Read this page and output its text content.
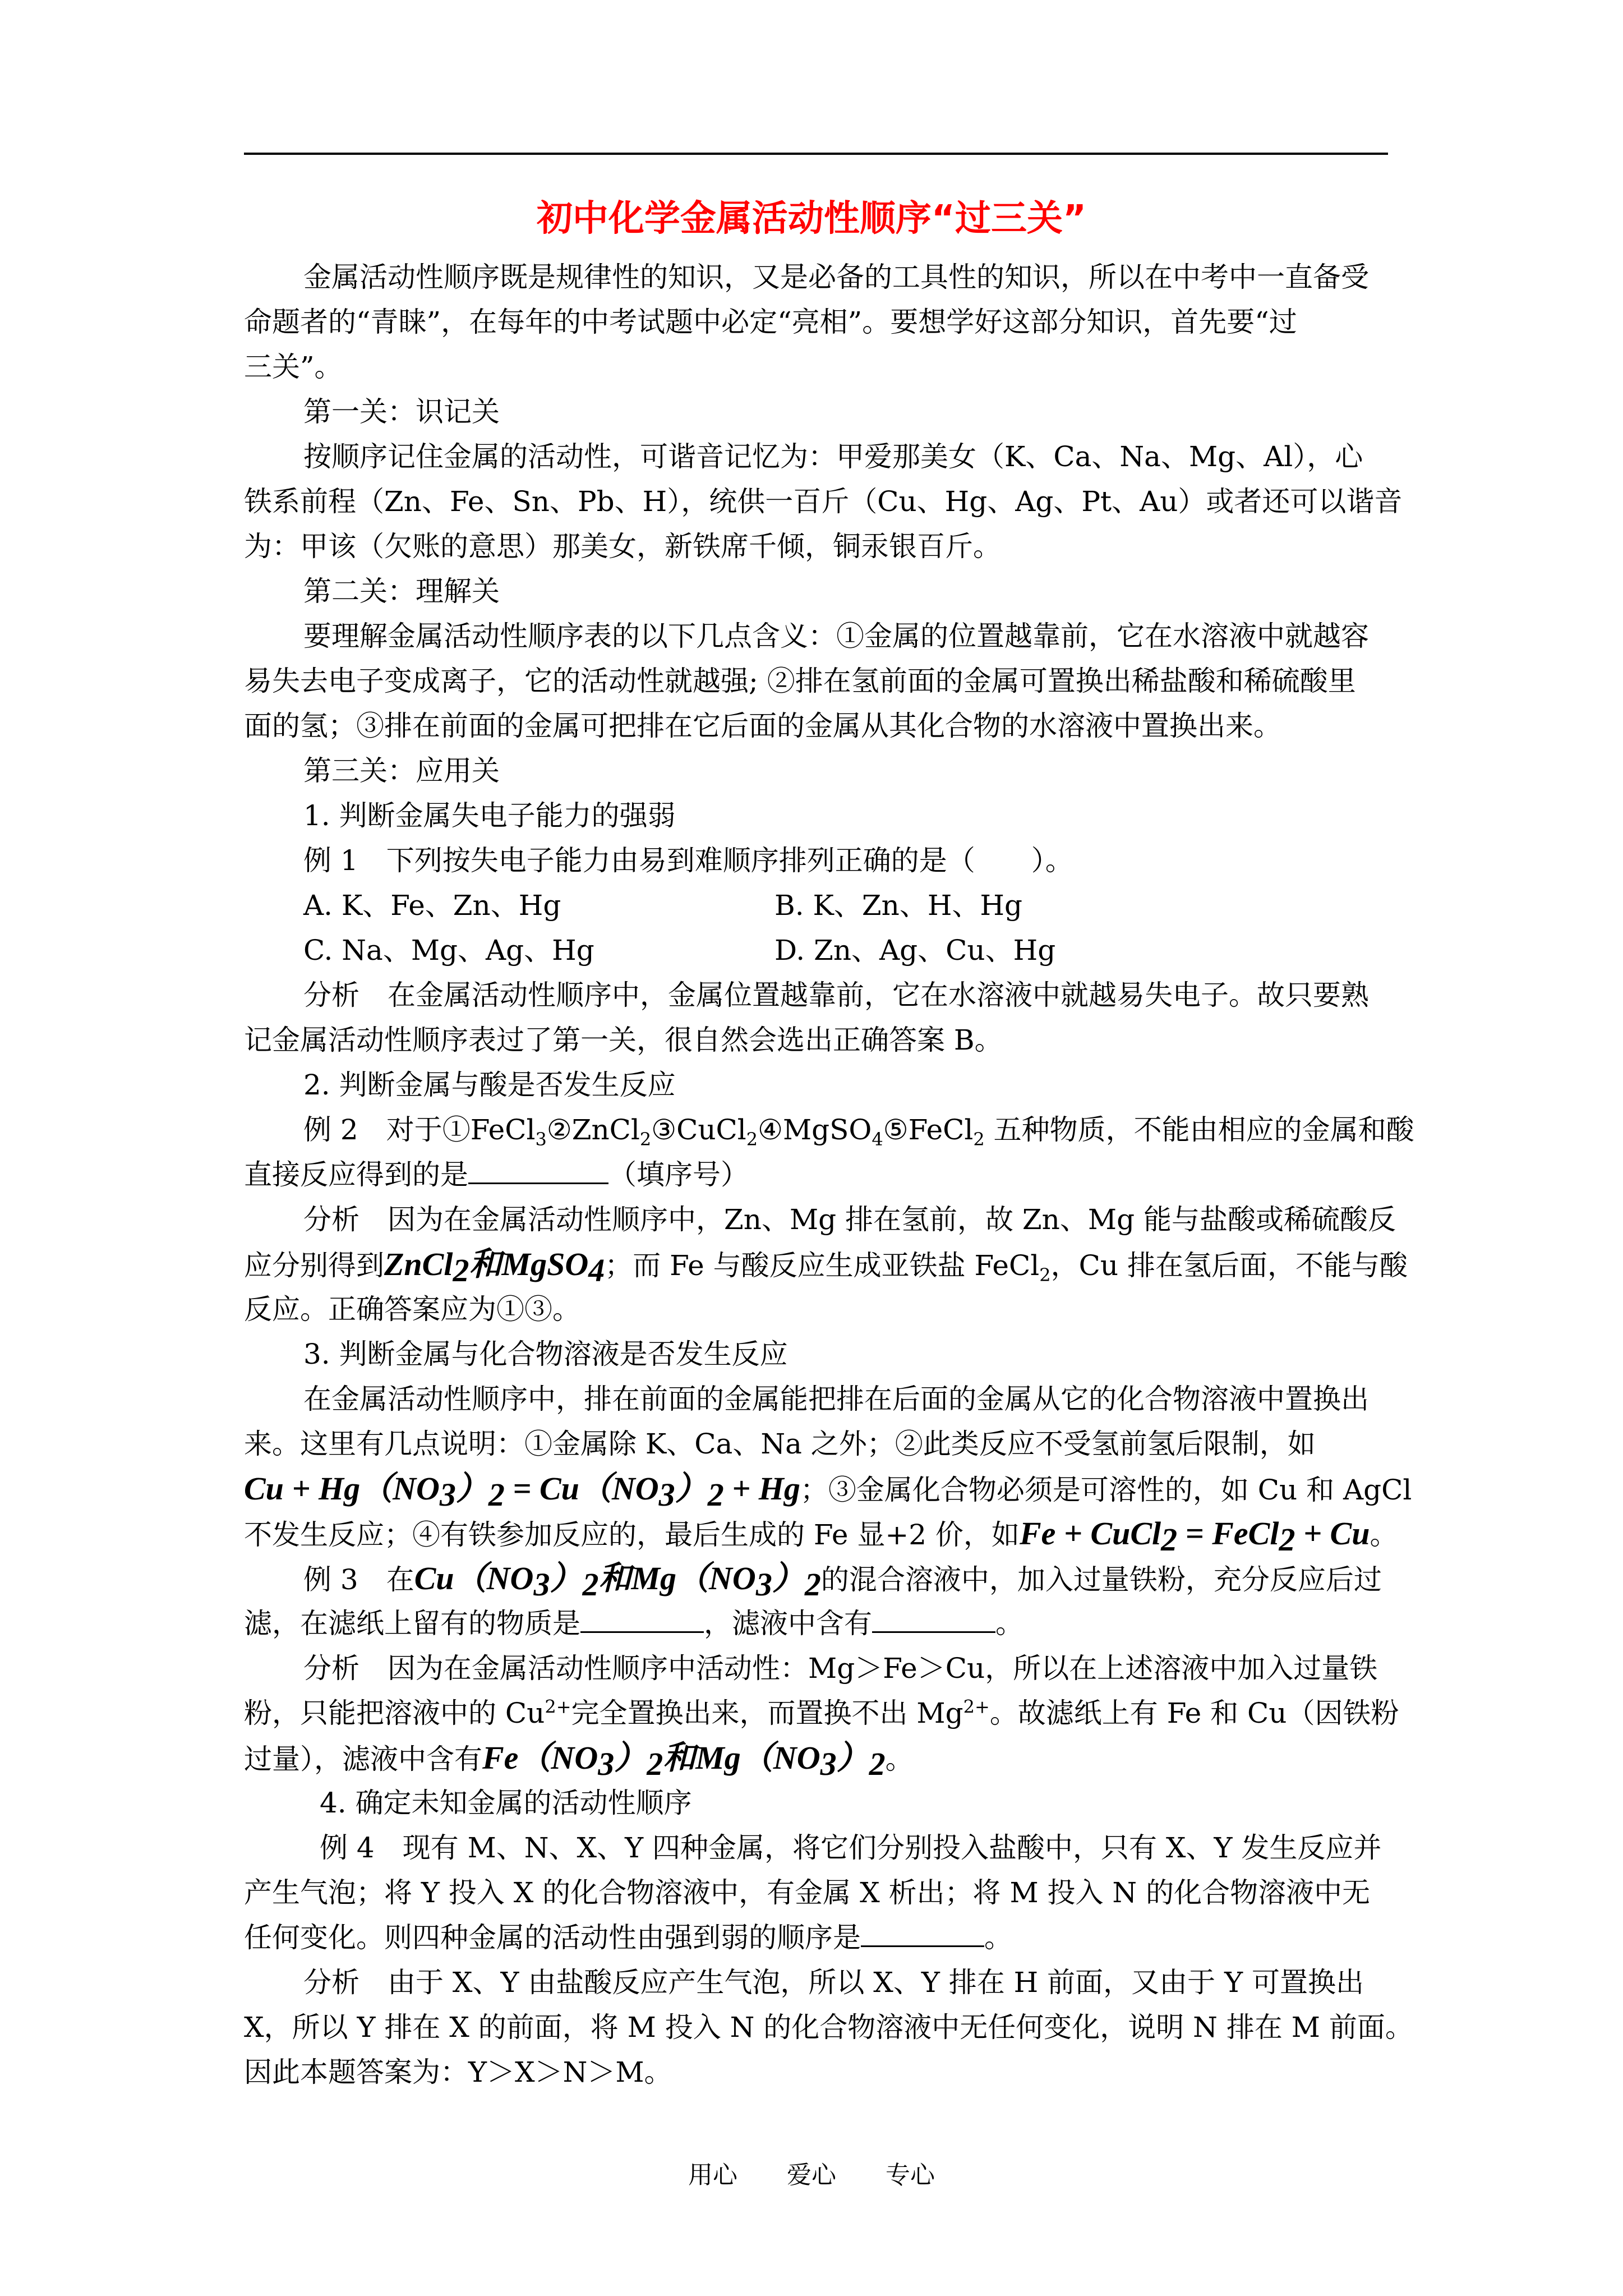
初中化学金属活动性顺序“过三关”
金属活动性顺序既是规律性的知识，又是必备的工具性的知识，所以在中考中一直备受
命题者的“青睐”，在每年的中考试题中必定“亮相”。要想学好这部分知识，首先要“过
三关”。
第一关：识记关
按顺序记住金属的活动性，可谐音记忆为：甲爱那美女（K、Ca、Na、Mg、Al），心
铁系前程（Zn、Fe、Sn、Pb、H），统供一百斤（Cu、Hg、Ag、Pt、Au）或者还可以谐音
为：甲该（欠账的意思）那美女，新铁席千倾，铜汞银百斤。
第二关：理解关
要理解金属活动性顺序表的以下几点含义：①金属的位置越靠前，它在水溶液中就越容
易失去电子变成离子，它的活动性就越强; ②排在氢前面的金属可置换出稀盐酸和稀硫酸里
面的氢；③排在前面的金属可把排在它后面的金属从其化合物的水溶液中置换出来。
第三关：应用关
1. 判断金属失电子能力的强弱
例 1　下列按失电子能力由易到难顺序排列正确的是（　　）。
A. K、Fe、Zn、Hg	B. K、Zn、H、Hg
C. Na、Mg、Ag、Hg	D. Zn、Ag、Cu、Hg
分析　在金属活动性顺序中，金属位置越靠前，它在水溶液中就越易失电子。故只要熟
记金属活动性顺序表过了第一关，很自然会选出正确答案 B。
2. 判断金属与酸是否发生反应
例 2　对于①FeCl$_3$②ZnCl$_2$③CuCl$_2$④MgSO$_4$⑤FeCl$_2$ 五种物质，不能由相应的金属和酸
直接反应得到的是	（填序号）
分析　因为在金属活动性顺序中，Zn、Mg 排在氢前，故 Zn、Mg 能与盐酸或稀硫酸反
应分别得到ZnCl$_2$和MgSO$_4$；而 Fe 与酸反应生成亚铁盐 FeCl$_2$，Cu 排在氢后面，不能与酸
反应。正确答案应为①③。
3. 判断金属与化合物溶液是否发生反应
在金属活动性顺序中，排在前面的金属能把排在后面的金属从它的化合物溶液中置换出
来。这里有几点说明：①金属除 K、Ca、Na 之外；②此类反应不受氢前氢后限制，如
$Cu + Hg(NO_3)_2 = Cu(NO_3)_2 + Hg$；③金属化合物必须是可溶性的，如 Cu 和 AgCl
不发生反应；④有铁参加反应的，最后生成的 Fe 显+2 价，如Fe + CuCl$_2$ = FeCl$_2$ + Cu。
例 3　在$Cu(NO_3)_2$和$Mg(NO_3)_2$的混合溶液中，加入过量铁粉，充分反应后过
滤，在滤纸上留有的物质是	，滤液中含有	。
分析　因为在金属活动性顺序中活动性：Mg＞Fe＞Cu，所以在上述溶液中加入过量铁
粉，只能把溶液中的 $Cu^{2+}$完全置换出来，而置换不出 $Mg^{2+}$。故滤纸上有 Fe 和 Cu（因铁粉
过量），滤液中含有$Fe(NO_3)_2$和$Mg(NO_3)_2$。
4. 确定未知金属的活动性顺序
例 4　现有 M、N、X、Y 四种金属，将它们分别投入盐酸中，只有 X、Y 发生反应并
产生气泡；将 Y 投入 X 的化合物溶液中，有金属 X 析出；将 M 投入 N 的化合物溶液中无
任何变化。则四种金属的活动性由强到弱的顺序是	。
分析　由于 X、Y 由盐酸反应产生气泡，所以 X、Y 排在 H 前面，又由于 Y 可置换出
X，所以 Y 排在 X 的前面，将 M 投入 N 的化合物溶液中无任何变化，说明 N 排在 M 前面。
因此本题答案为：Y＞X＞N＞M。
用心　　爱心　　专心
